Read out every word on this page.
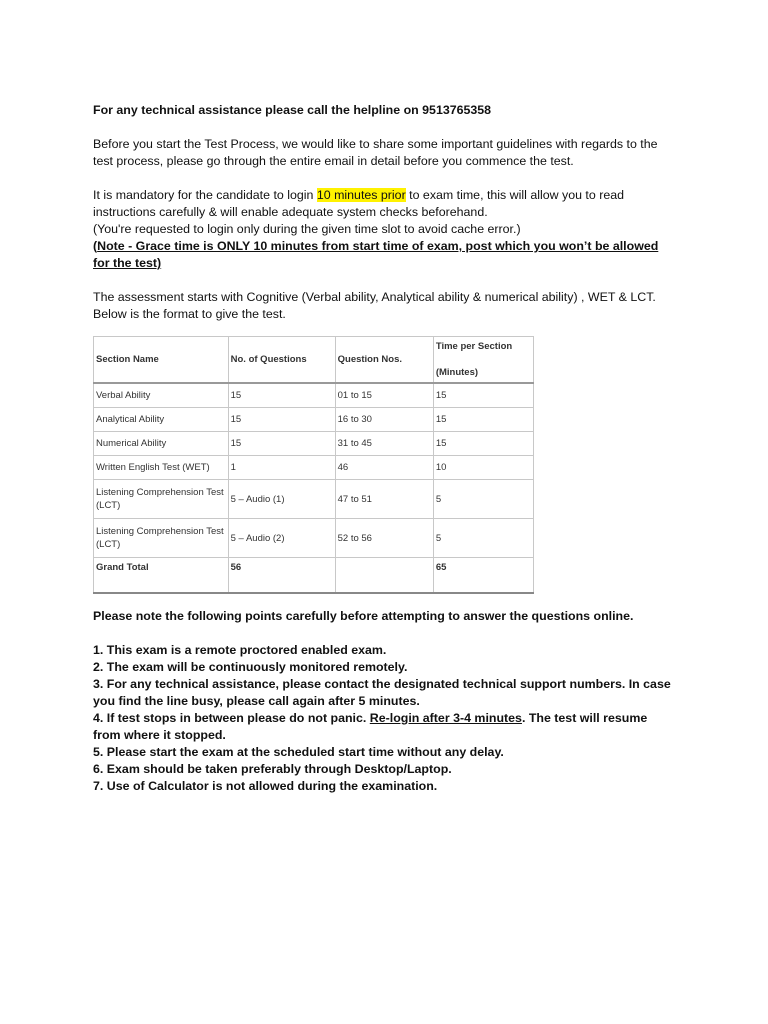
For any technical assistance please call the helpline on 9513765358

Before you start the Test Process, we would like to share some important guidelines with regards to the test process, please go through the entire email in detail before you commence the test.

It is mandatory for the candidate to login 10 minutes prior to exam time, this will allow you to read instructions carefully & will enable adequate system checks beforehand.

(You're requested to login only during the given time slot to avoid cache error.)

(Note - Grace time is ONLY 10 minutes from start time of exam, post which you won’t be allowed for the test)

The assessment starts with Cognitive (Verbal ability, Analytical ability & numerical ability) , WET & LCT. Below is the format to give the test.

Section Name	No. of Questions	Question Nos.	Time per Section

(Minutes)
Verbal Ability	15	01 to 15	15
Analytical Ability	15	16 to 30	15
Numerical Ability	15	31 to 45	15
Written English Test (WET)	1	46	10
Listening Comprehension Test (LCT)	5 – Audio (1)	47 to 51	5
Listening Comprehension Test (LCT)	5 – Audio (2)	52 to 56	5
Grand Total	56		65

Please note the following points carefully before attempting to answer the questions online.

1. This exam is a remote proctored enabled exam.
2. The exam will be continuously monitored remotely.
3. For any technical assistance, please contact the designated technical support numbers. In case you find the line busy, please call again after 5 minutes.
4. If test stops in between please do not panic. Re-login after 3-4 minutes. The test will resume from where it stopped.
5. Please start the exam at the scheduled start time without any delay.
6. Exam should be taken preferably through Desktop/Laptop.
7. Use of Calculator is not allowed during the examination.
